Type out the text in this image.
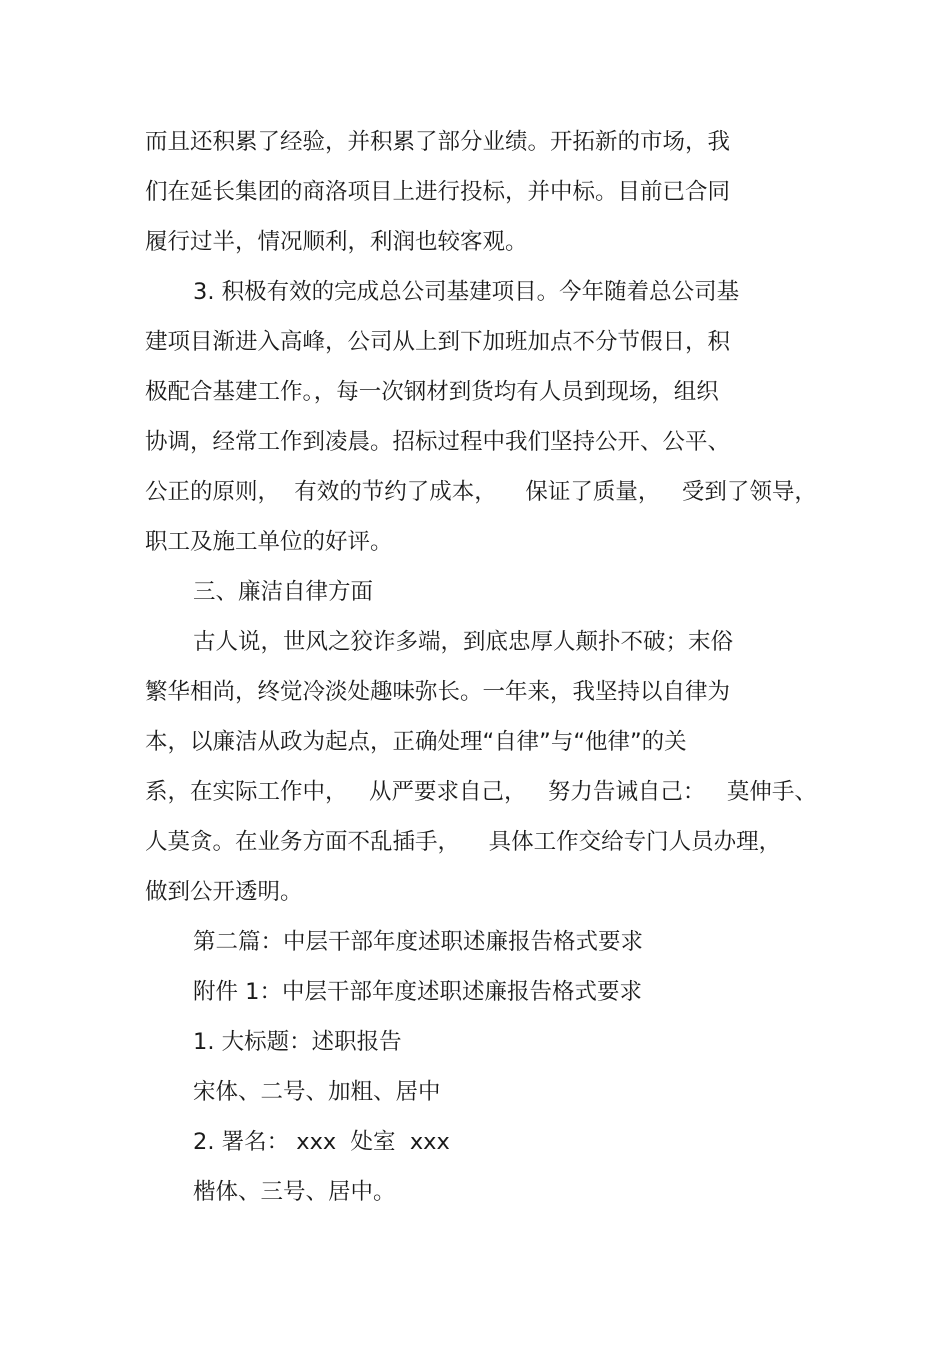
而且还积累了经验，并积累了部分业绩。开拓新的市场，我
们在延长集团的商洛项目上进行投标，并中标。目前已合同
履行过半，情况顺利，利润也较客观。
3. 积极有效的完成总公司基建项目。今年随着总公司基
建项目渐进入高峰，公司从上到下加班加点不分节假日，积
极配合基建工作。，每一次钢材到货均有人员到现场，组织
协调，经常工作到凌晨。招标过程中我们坚持公开、公平、
公正的原则，  有效的节约了成本，    保证了质量，   受到了领导，
职工及施工单位的好评。
三、廉洁自律方面
古人说，世风之狡诈多端，到底忠厚人颠扑不破；末俗
繁华相尚，终觉冷淡处趣味弥长。一年来，我坚持以自律为
本，以廉洁从政为起点，正确处理“自律”与“他律”的关
系，在实际工作中，   从严要求自己，   努力告诫自己：   莫伸手、
人莫贪。在业务方面不乱插手，    具体工作交给专门人员办理，
做到公开透明。
第二篇：中层干部年度述职述廉报告格式要求
附件 1：中层干部年度述职述廉报告格式要求
1. 大标题：述职报告
宋体、二号、加粗、居中
2. 署名： xxx  处室  xxx
楷体、三号、居中。
